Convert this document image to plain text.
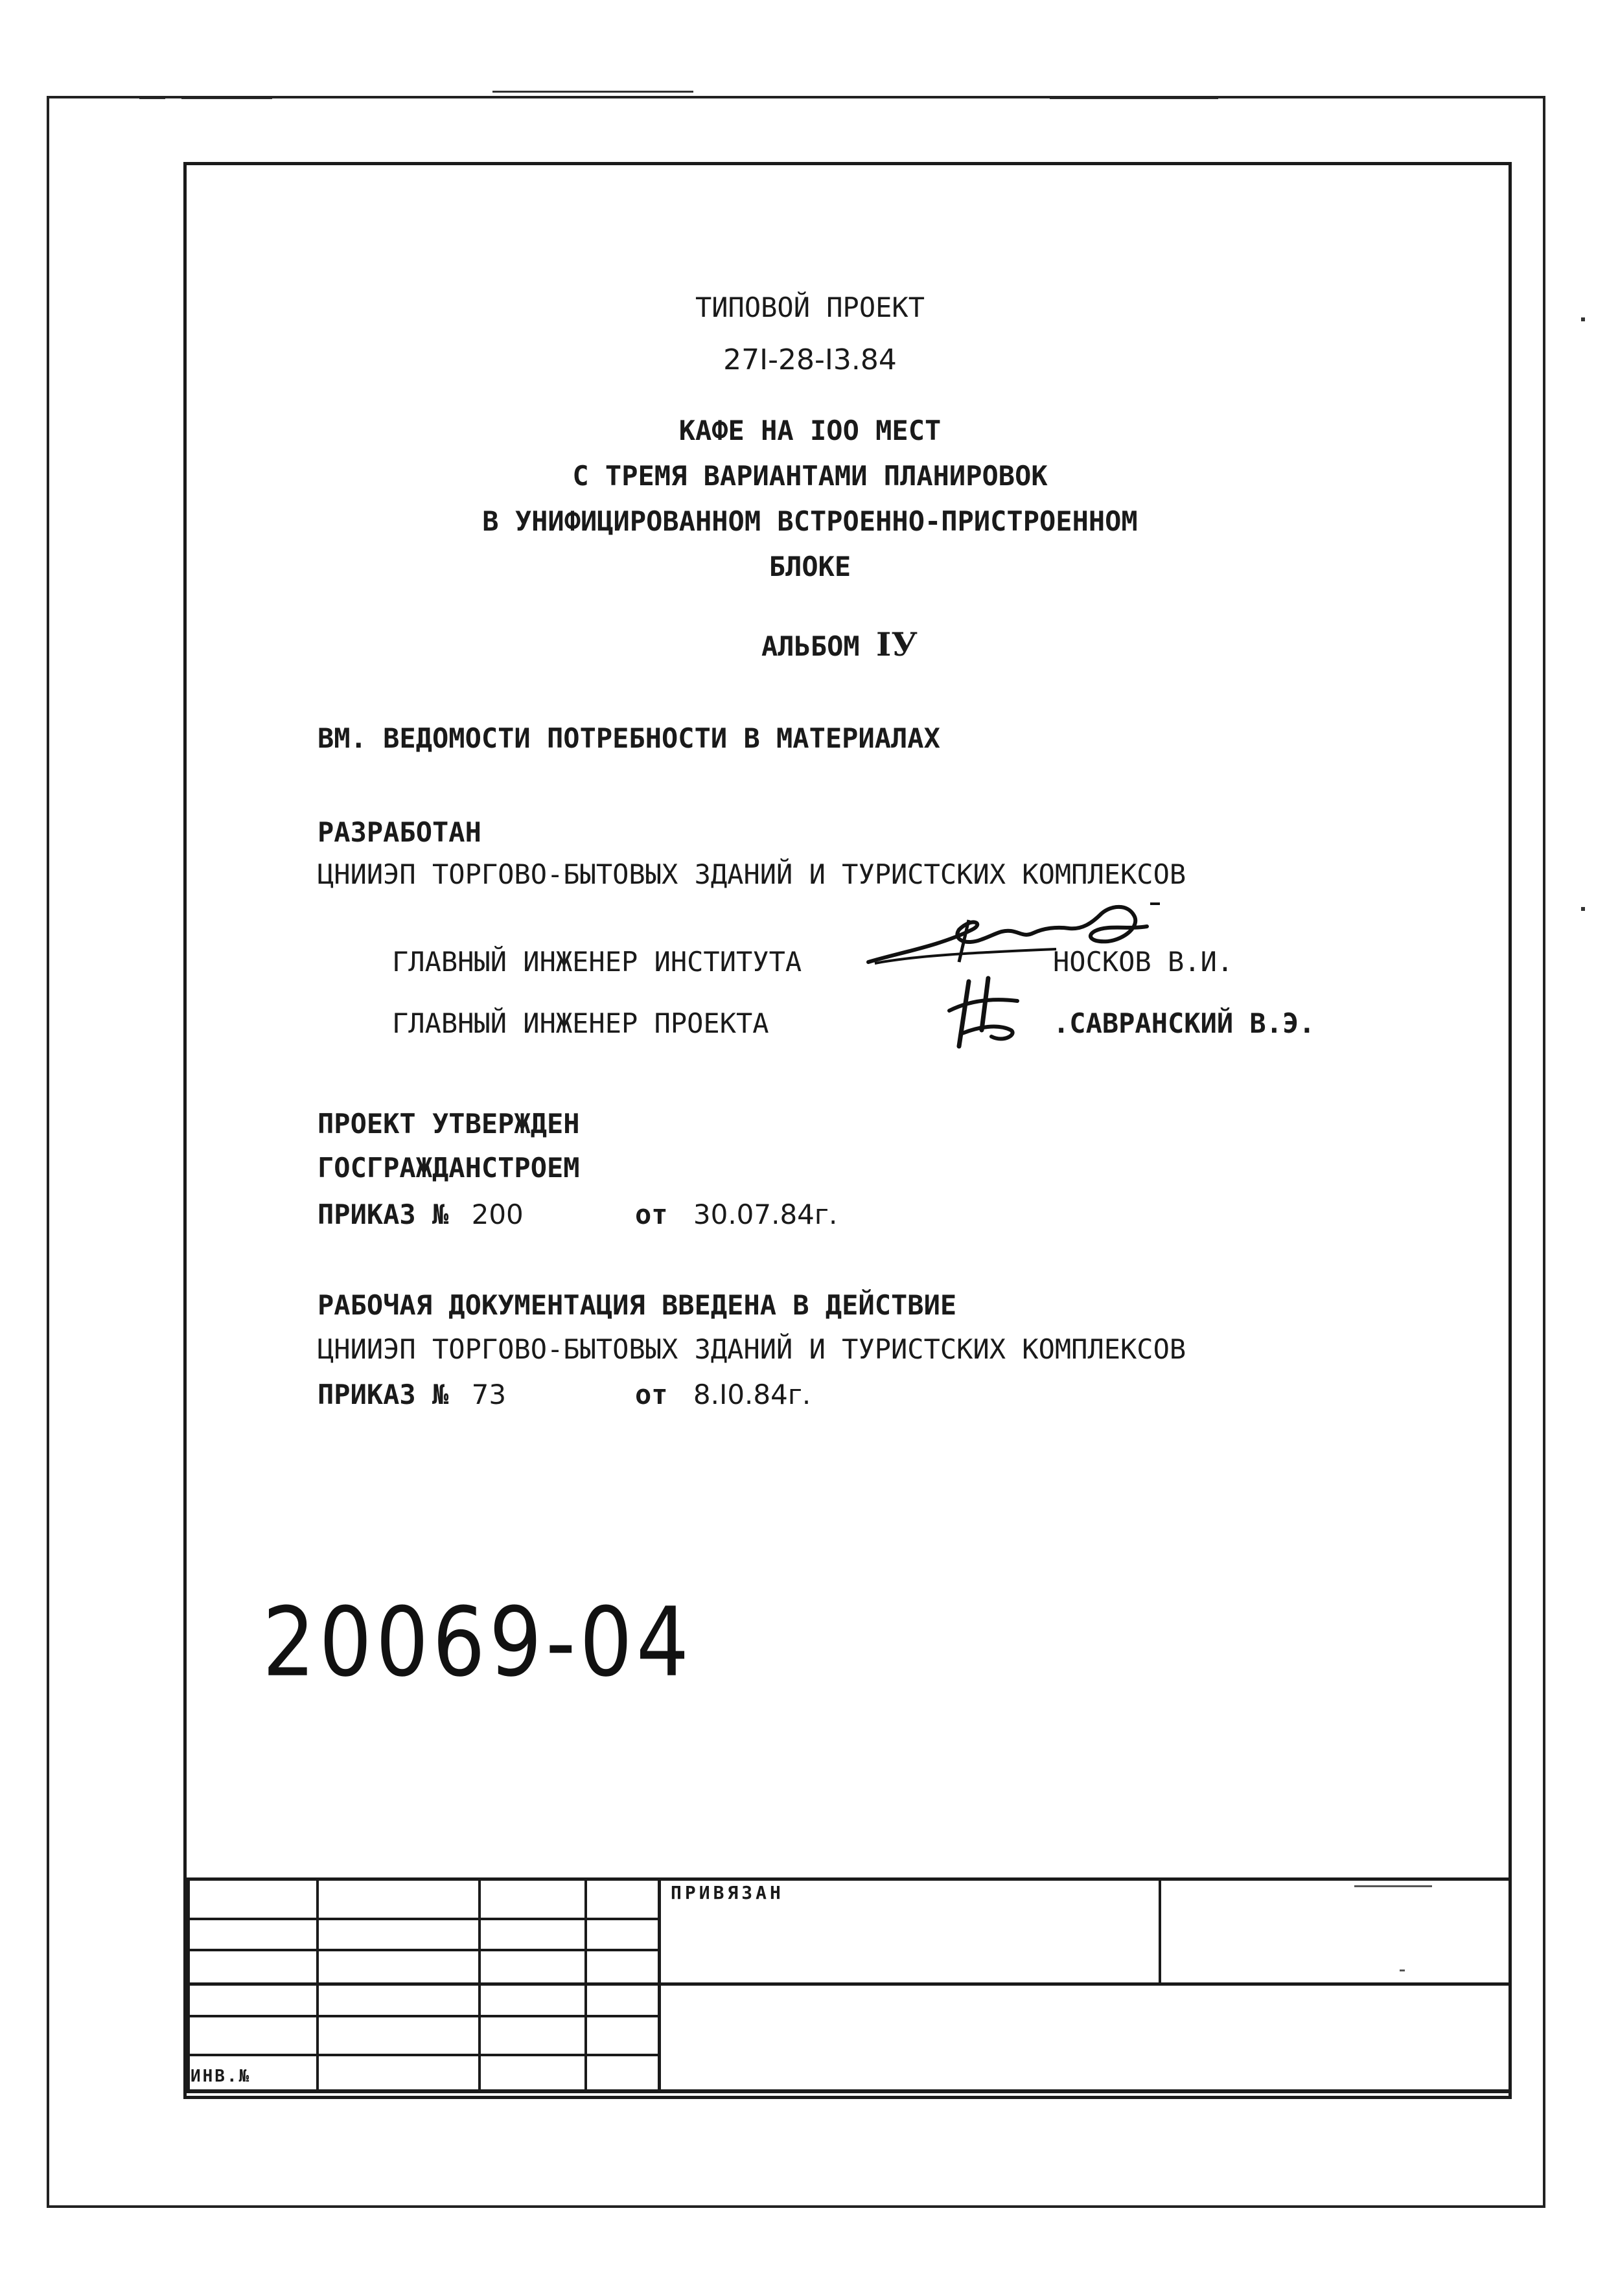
ТИПОВОЙ ПРОЕКТ
27I-28-I3.84
КАФЕ НА IOO МЕСТ
С ТРЕМЯ ВАРИАНТАМИ ПЛАНИРОВОК
В УНИФИЦИРОВАННОМ ВСТРОЕННО-ПРИСТРОЕННОМ
БЛОКЕ
АЛЬБОМ IУ
ВМ. ВЕДОМОСТИ ПОТРЕБНОСТИ В МАТЕРИАЛАХ
РАЗРАБОТАН
ЦНИИЭП ТОРГОВО-БЫТОВЫХ ЗДАНИЙ И ТУРИСТСКИХ КОМПЛЕКСОВ
ГЛАВНЫЙ ИНЖЕНЕР ИНСТИТУТА	НОСКОВ В.И.
ГЛАВНЫЙ ИНЖЕНЕР ПРОЕКТА	.САВРАНСКИЙ В.Э.
ПРОЕКТ УТВЕРЖДЕН
ГОСГРАЖДАНСТРОЕМ
ПРИКАЗ № 200	от 30.07.84г.
РАБОЧАЯ ДОКУМЕНТАЦИЯ ВВЕДЕНА В ДЕЙСТВИЕ
ЦНИИЭП ТОРГОВО-БЫТОВЫХ ЗДАНИЙ И ТУРИСТСКИХ КОМПЛЕКСОВ
ПРИКАЗ № 73	от 8.I0.84г.
20069-04
ПРИВЯЗАН
ИНВ.№
